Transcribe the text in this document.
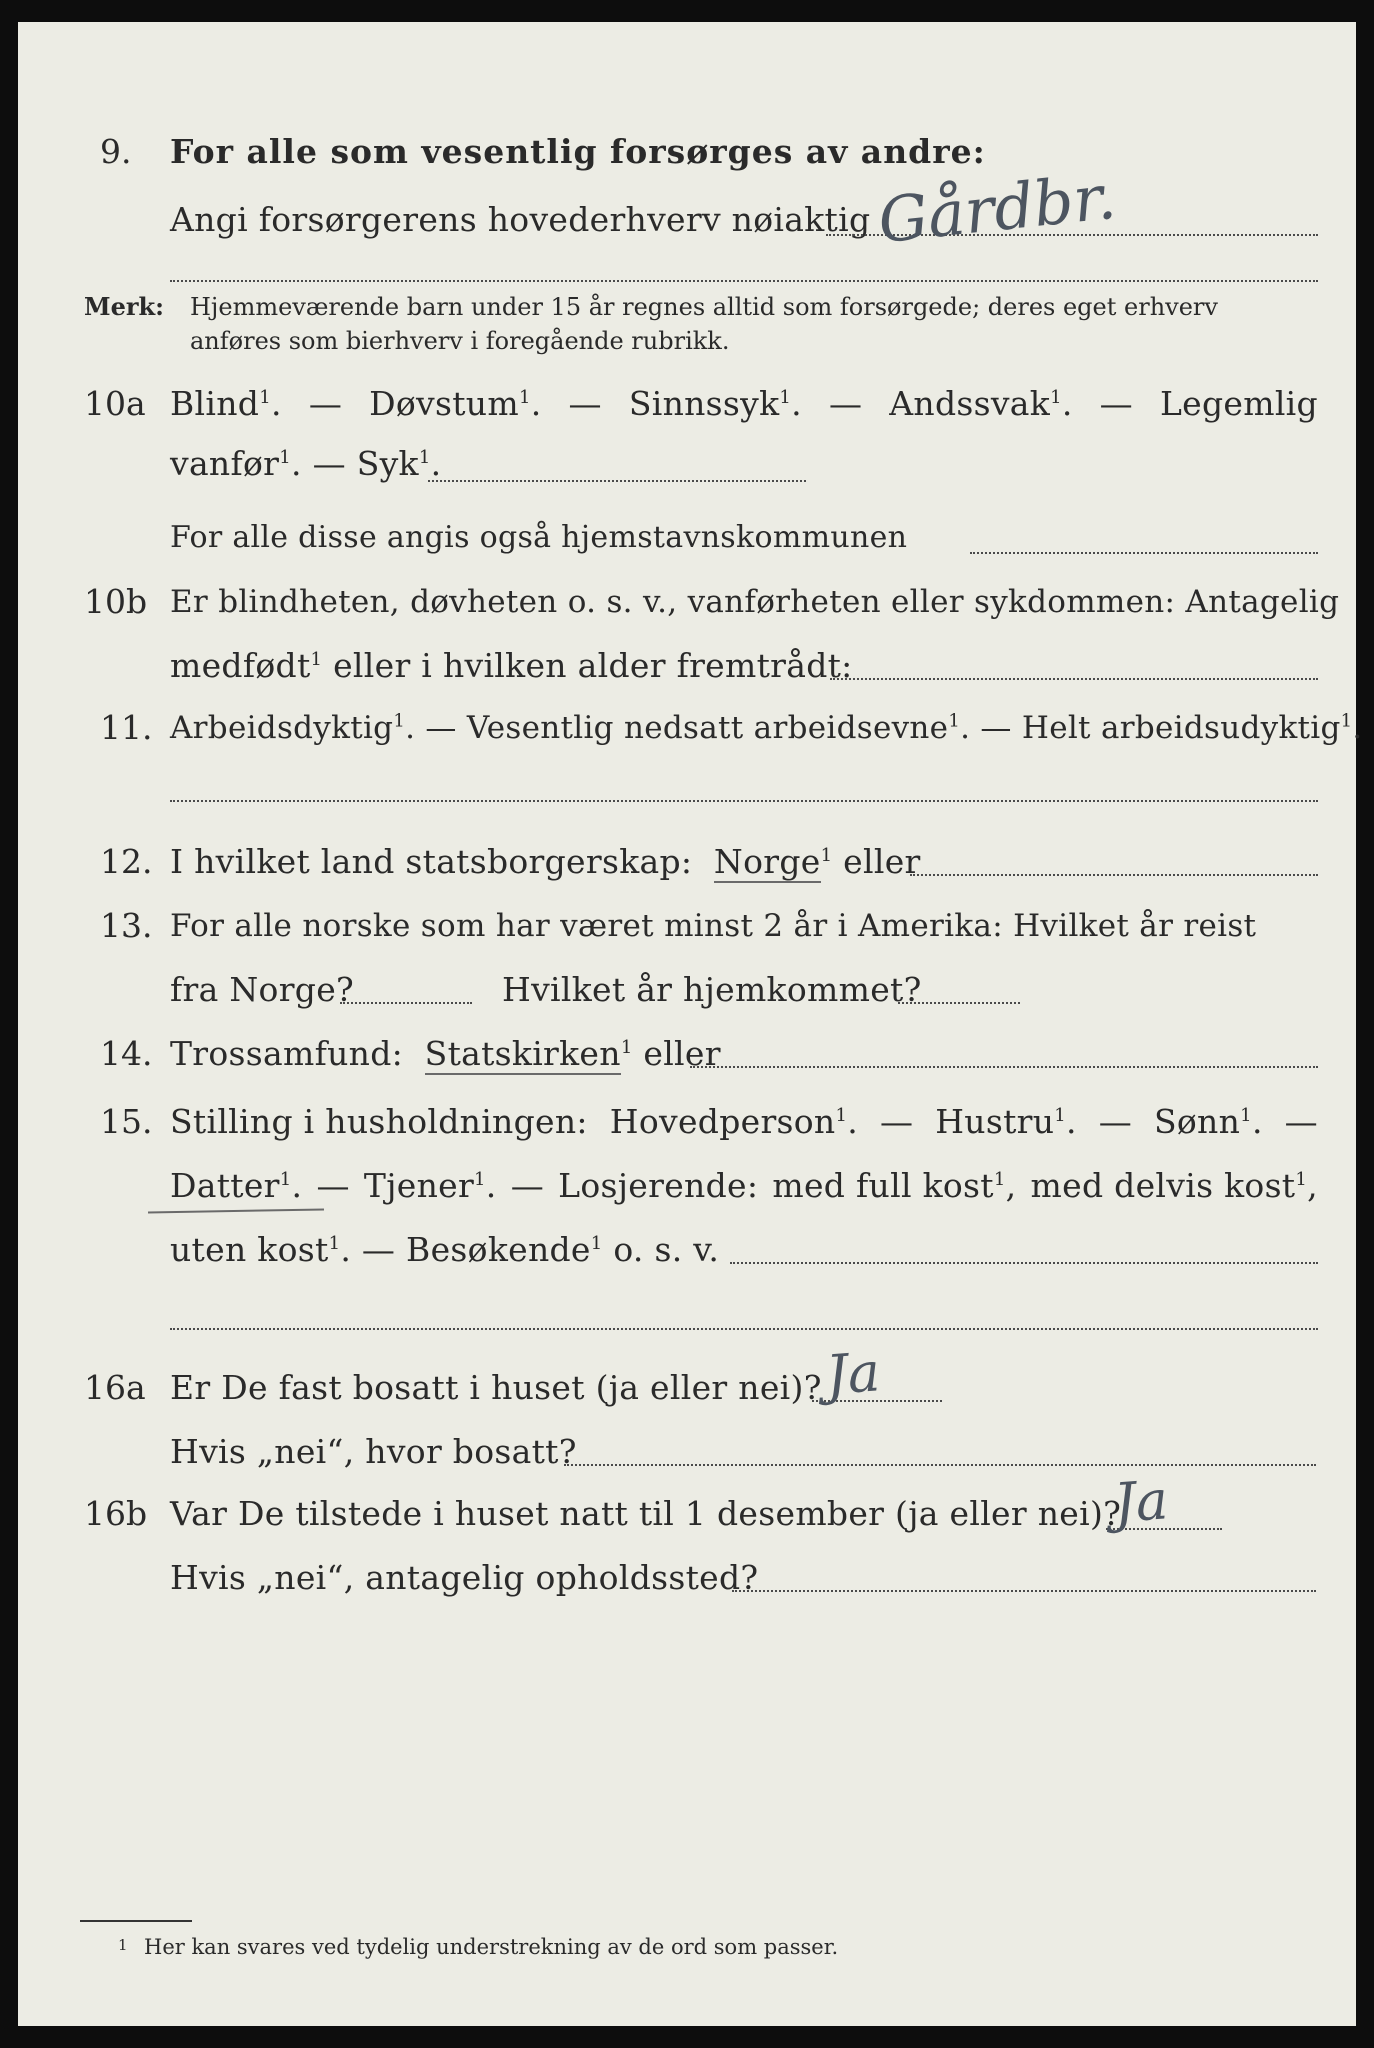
9. For alle som vesentlig forsørges av andre:
Angi forsørgerens hovederhverv nøiaktig Gårdbr.
Merk: Hjemmeværende barn under 15 år regnes alltid som forsørgede; deres eget erhverv
anføres som bierhverv i foregående rubrikk.
10a Blind$^1$. — Døvstum$^1$. — Sinnssyk$^1$. — Andssvak$^1$. — Legemlig
vanfør$^1$. — Syk$^1$.
For alle disse angis også hjemstavnskommunen
10b Er blindheten, døvheten o. s. v., vanførheten eller sykdommen: Antagelig
medfødt$^1$ eller i hvilken alder fremtrådt:
11. Arbeidsdyktig$^1$. — Vesentlig nedsatt arbeidsevne$^1$. — Helt arbeidsudyktig$^1$.
12. I hvilket land statsborgerskap: Norge$^1$ eller
13. For alle norske som har været minst 2 år i Amerika: Hvilket år reist
fra Norge?	Hvilket år hjemkommet?
14. Trossamfund: Statskirken$^1$ eller
15. Stilling i husholdningen: Hovedperson$^1$. — Hustru$^1$. — Sønn$^1$. —
Datter$^1$. — Tjener$^1$. — Losjerende: med full kost$^1$, med delvis kost$^1$,
uten kost$^1$. — Besøkende$^1$ o. s. v.
16a Er De fast bosatt i huset (ja eller nei)? Ja
Hvis „nei“, hvor bosatt?
16b Var De tilstede i huset natt til 1 desember (ja eller nei)?
Ja
Hvis „nei“, antagelig opholdssted?
1 Her kan svares ved tydelig understrekning av de ord som passer.
